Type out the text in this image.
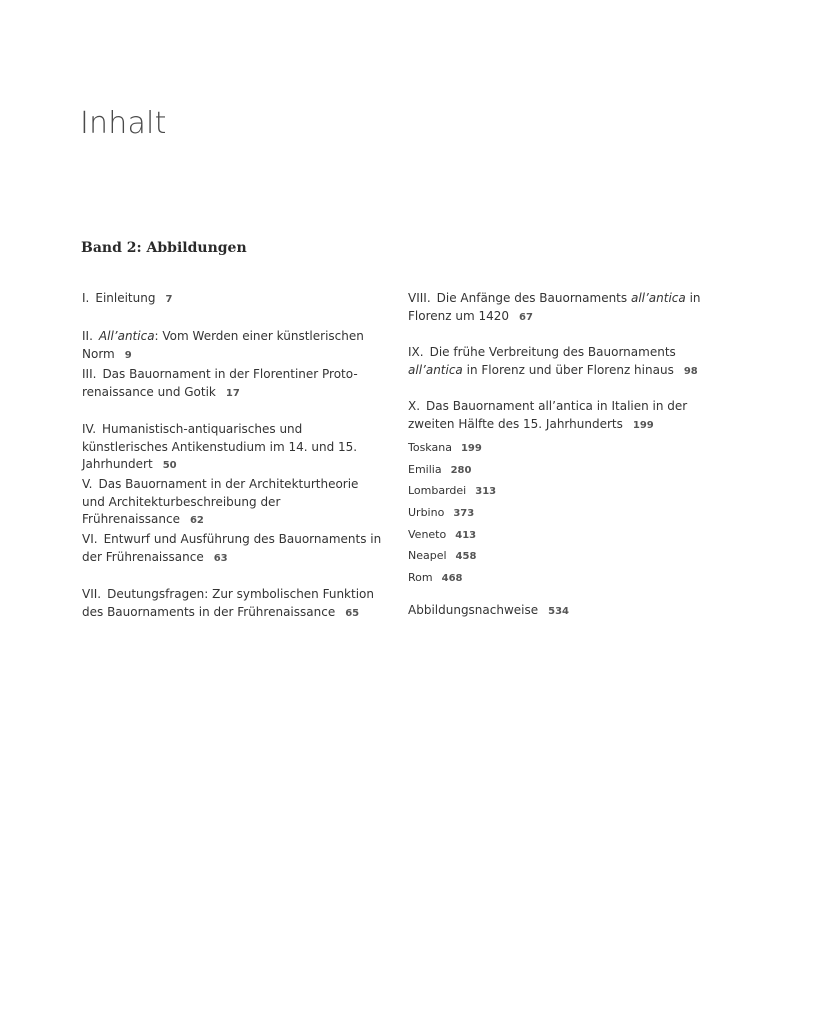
Inhalt
Band 2: Abbildungen
I. Einleitung 7
II. All’antica: Vom Werden einer künstlerischen Norm 9
III. Das Bauornament in der Florentiner Proto-renaissance und Gotik 17
IV. Humanistisch-antiquarisches und künstlerisches Antikenstudium im 14. und 15. Jahrhundert 50
V. Das Bauornament in der Architekturtheorie und Architekturbeschreibung der Frührenaissance 62
VI. Entwurf und Ausführung des Bauornaments in der Frührenaissance 63
VII. Deutungsfragen: Zur symbolischen Funktion des Bauornaments in der Frührenaissance 65
VIII. Die Anfänge des Bauornaments all’antica in Florenz um 1420 67
IX. Die frühe Verbreitung des Bauornaments all’antica in Florenz und über Florenz hinaus 98
X. Das Bauornament all’antica in Italien in der zweiten Hälfte des 15. Jahrhunderts 199
Toskana 199
Emilia 280
Lombardei 313
Urbino 373
Veneto 413
Neapel 458
Rom 468
Abbildungsnachweise 534
